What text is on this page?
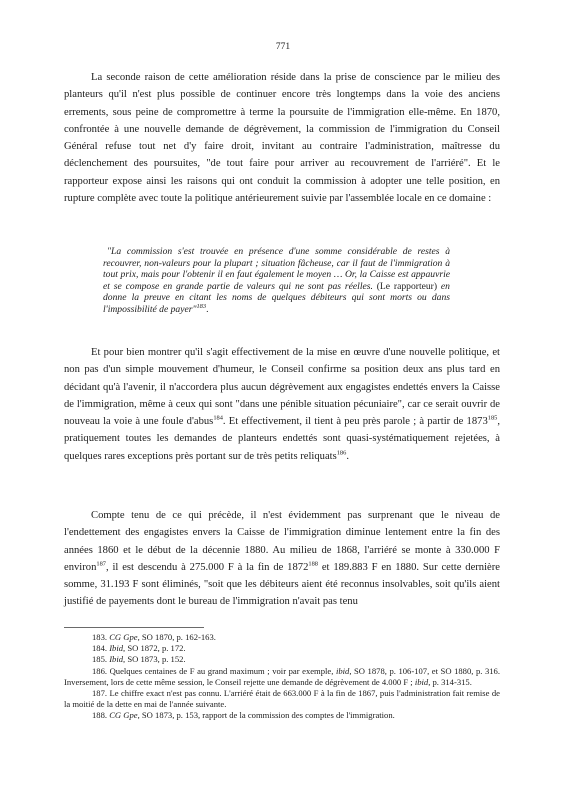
771

La seconde raison de cette amélioration réside dans la prise de conscience par le milieu des planteurs qu'il n'est plus possible de continuer encore très longtemps dans la voie des anciens errements, sous peine de compromettre à terme la poursuite de l'immigration elle-même. En 1870, confrontée à une nouvelle demande de dégrèvement, la commission de l'immigration du Conseil Général refuse tout net d'y faire droit, invitant au contraire l'administration, maîtresse du déclenchement des poursuites, "de tout faire pour arriver au recouvrement de l'arriéré". Et le rapporteur expose ainsi les raisons qui ont conduit la commission à adopter une telle position, en rupture complète avec toute la politique antérieurement suivie par l'assemblée locale en ce domaine :

"La commission s'est trouvée en présence d'une somme considérable de restes à recouvrer, non-valeurs pour la plupart ; situation fâcheuse, car il faut de l'immigration à tout prix, mais pour l'obtenir il en faut également le moyen … Or, la Caisse est appauvrie et se compose en grande partie de valeurs qui ne sont pas réelles. (Le rapporteur) en donne la preuve en citant les noms de quelques débiteurs qui sont morts ou dans l'impossibilité de payer"$^{183}$.

Et pour bien montrer qu'il s'agit effectivement de la mise en œuvre d'une nouvelle politique, et non pas d'un simple mouvement d'humeur, le Conseil confirme sa position deux ans plus tard en décidant qu'à l'avenir, il n'accordera plus aucun dégrèvement aux engagistes endettés envers la Caisse de l'immigration, même à ceux qui sont "dans une pénible situation pécuniaire", car ce serait ouvrir de nouveau la voie à une foule d'abus$^{184}$. Et effectivement, il tient à peu près parole ; à partir de 1873$^{185}$, pratiquement toutes les demandes de planteurs endettés sont quasi-systématiquement rejetées, à quelques rares exceptions près portant sur de très petits reliquats$^{186}$.

Compte tenu de ce qui précède, il n'est évidemment pas surprenant que le niveau de l'endettement des engagistes envers la Caisse de l'immigration diminue lentement entre la fin des années 1860 et le début de la décennie 1880. Au milieu de 1868, l'arriéré se monte à 330.000 F environ$^{187}$, il est descendu à 275.000 F à la fin de 1872$^{188}$ et 189.883 F en 1880. Sur cette dernière somme, 31.193 F sont éliminés, "soit que les débiteurs aient été reconnus insolvables, soit qu'ils aient justifié de payements dont le bureau de l'immigration n'avait pas tenu

183. CG Gpe, SO 1870, p. 162-163.

184. Ibid, SO 1872, p. 172.

185. Ibid, SO 1873, p. 152.

186. Quelques centaines de F au grand maximum ; voir par exemple, ibid, SO 1878, p. 106-107, et SO 1880, p. 316. Inversement, lors de cette même session, le Conseil rejette une demande de dégrèvement de 4.000 F ; ibid, p. 314-315.

187. Le chiffre exact n'est pas connu. L'arriéré était de 663.000 F à la fin de 1867, puis l'administration fait remise de la moitié de la dette en mai de l'année suivante.

188. CG Gpe, SO 1873, p. 153, rapport de la commission des comptes de l'immigration.
